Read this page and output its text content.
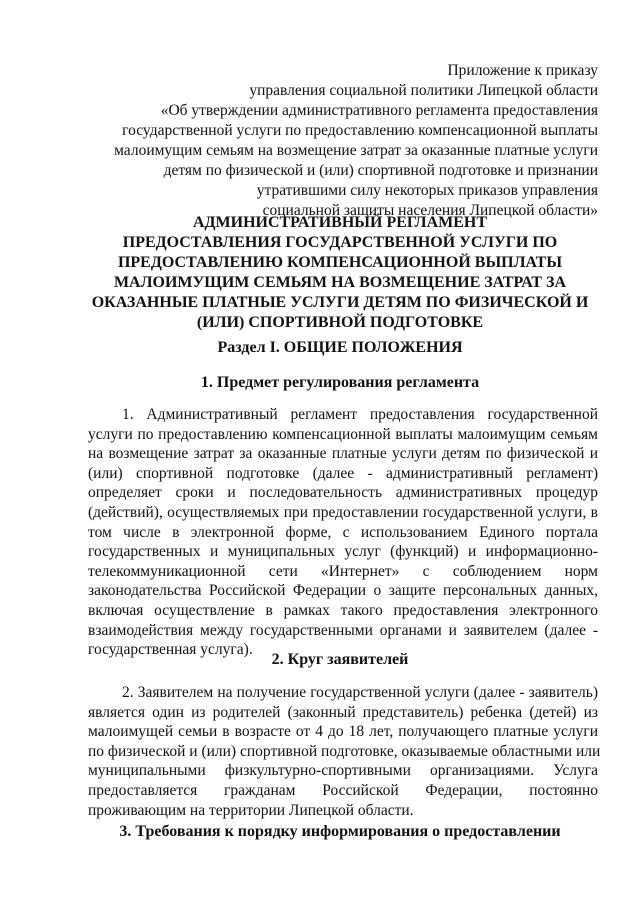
Приложение к приказу
управления социальной политики Липецкой области
«Об утверждении административного регламента предоставления
государственной услуги по предоставлению компенсационной выплаты
малоимущим семьям на возмещение затрат за оказанные платные услуги
детям по физической и (или) спортивной подготовке и признании
утратившими силу некоторых приказов управления
социальной защиты населения Липецкой области»
АДМИНИСТРАТИВНЫЙ РЕГЛАМЕНТ
ПРЕДОСТАВЛЕНИЯ ГОСУДАРСТВЕННОЙ УСЛУГИ ПО
ПРЕДОСТАВЛЕНИЮ КОМПЕНСАЦИОННОЙ ВЫПЛАТЫ
МАЛОИМУЩИМ СЕМЬЯМ НА ВОЗМЕЩЕНИЕ ЗАТРАТ ЗА
ОКАЗАННЫЕ ПЛАТНЫЕ УСЛУГИ ДЕТЯМ ПО ФИЗИЧЕСКОЙ И
(ИЛИ) СПОРТИВНОЙ ПОДГОТОВКЕ
Раздел I. ОБЩИЕ ПОЛОЖЕНИЯ
1. Предмет регулирования регламента
1. Административный регламент предоставления государственной
услуги по предоставлению компенсационной выплаты малоимущим семьям
на возмещение затрат за оказанные платные услуги детям по физической и
(или) спортивной подготовке (далее - административный регламент)
определяет сроки и последовательность административных процедур
(действий), осуществляемых при предоставлении государственной услуги, в
том числе в электронной форме, с использованием Единого портала
государственных и муниципальных услуг (функций) и информационно-
телекоммуникационной сети «Интернет» с соблюдением норм
законодательства Российской Федерации о защите персональных данных,
включая осуществление в рамках такого предоставления электронного
взаимодействия между государственными органами и заявителем (далее -
государственная услуга).
2. Круг заявителей
2. Заявителем на получение государственной услуги (далее - заявитель)
является один из родителей (законный представитель) ребенка (детей) из
малоимущей семьи в возрасте от 4 до 18 лет, получающего платные услуги
по физической и (или) спортивной подготовке, оказываемые областными или
муниципальными физкультурно-спортивными организациями. Услуга
предоставляется гражданам Российской Федерации, постоянно
проживающим на территории Липецкой области.
3. Требования к порядку информирования о предоставлении
